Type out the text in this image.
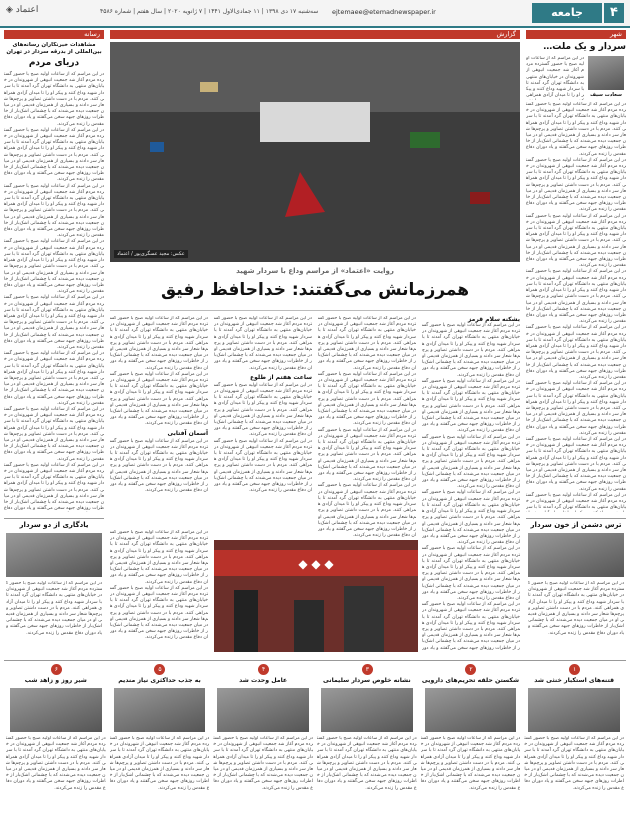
۴
جامعه
ejtemaee@etemadnewspaper.ir
سه‌شنبه ۱۷ دی ۱۳۹۸ | ۱۱ جمادی‌الاول ۱۴۴۱ | ۷ ژانویه ۲۰۲۰ | سال هفتم | شماره ۴۵۸۶
◈ اعتماد
رسانه	گزارش	شهر
مشاهدات خبرنگاران رسانه‌های بین‌المللی از بدرقه سردار در تهران
دریای مردم
در این مراسم که از ساعات اولیه صبح با حضور گسترده مردم آغاز شد جمعیت انبوهی از شهروندان در خیابان‌های منتهی به دانشگاه تهران گرد آمدند تا با سردار شهید وداع کنند و پیکر او را تا میدان آزادی همراهی کنند. مردم با در دست داشتن تصاویر و پرچم‌ها شعار سر دادند و بسیاری از همرزمان قدیمی او در میان جمعیت دیده می‌شدند که با چشمانی اشک‌بار از خاطرات روزهای جبهه سخن می‌گفتند و یاد دوران دفاع مقدس را زنده می‌کردند.
در این مراسم که از ساعات اولیه صبح با حضور گسترده مردم آغاز شد جمعیت انبوهی از شهروندان در خیابان‌های منتهی به دانشگاه تهران گرد آمدند تا با سردار شهید وداع کنند و پیکر او را تا میدان آزادی همراهی کنند. مردم با در دست داشتن تصاویر و پرچم‌ها شعار سر دادند و بسیاری از همرزمان قدیمی او در میان جمعیت دیده می‌شدند که با چشمانی اشک‌بار از خاطرات روزهای جبهه سخن می‌گفتند و یاد دوران دفاع مقدس را زنده می‌کردند.
در این مراسم که از ساعات اولیه صبح با حضور گسترده مردم آغاز شد جمعیت انبوهی از شهروندان در خیابان‌های منتهی به دانشگاه تهران گرد آمدند تا با سردار شهید وداع کنند و پیکر او را تا میدان آزادی همراهی کنند. مردم با در دست داشتن تصاویر و پرچم‌ها شعار سر دادند و بسیاری از همرزمان قدیمی او در میان جمعیت دیده می‌شدند که با چشمانی اشک‌بار از خاطرات روزهای جبهه سخن می‌گفتند و یاد دوران دفاع مقدس را زنده می‌کردند.
در این مراسم که از ساعات اولیه صبح با حضور گسترده مردم آغاز شد جمعیت انبوهی از شهروندان در خیابان‌های منتهی به دانشگاه تهران گرد آمدند تا با سردار شهید وداع کنند و پیکر او را تا میدان آزادی همراهی کنند. مردم با در دست داشتن تصاویر و پرچم‌ها شعار سر دادند و بسیاری از همرزمان قدیمی او در میان جمعیت دیده می‌شدند که با چشمانی اشک‌بار از خاطرات روزهای جبهه سخن می‌گفتند و یاد دوران دفاع مقدس را زنده می‌کردند.
در این مراسم که از ساعات اولیه صبح با حضور گسترده مردم آغاز شد جمعیت انبوهی از شهروندان در خیابان‌های منتهی به دانشگاه تهران گرد آمدند تا با سردار شهید وداع کنند و پیکر او را تا میدان آزادی همراهی کنند. مردم با در دست داشتن تصاویر و پرچم‌ها شعار سر دادند و بسیاری از همرزمان قدیمی او در میان جمعیت دیده می‌شدند که با چشمانی اشک‌بار از خاطرات روزهای جبهه سخن می‌گفتند و یاد دوران دفاع مقدس را زنده می‌کردند.
در این مراسم که از ساعات اولیه صبح با حضور گسترده مردم آغاز شد جمعیت انبوهی از شهروندان در خیابان‌های منتهی به دانشگاه تهران گرد آمدند تا با سردار شهید وداع کنند و پیکر او را تا میدان آزادی همراهی کنند. مردم با در دست داشتن تصاویر و پرچم‌ها شعار سر دادند و بسیاری از همرزمان قدیمی او در میان جمعیت دیده می‌شدند که با چشمانی اشک‌بار از خاطرات روزهای جبهه سخن می‌گفتند و یاد دوران دفاع مقدس را زنده می‌کردند.
در این مراسم که از ساعات اولیه صبح با حضور گسترده مردم آغاز شد جمعیت انبوهی از شهروندان در خیابان‌های منتهی به دانشگاه تهران گرد آمدند تا با سردار شهید وداع کنند و پیکر او را تا میدان آزادی همراهی کنند. مردم با در دست داشتن تصاویر و پرچم‌ها شعار سر دادند و بسیاری از همرزمان قدیمی او در میان جمعیت دیده می‌شدند که با چشمانی اشک‌بار از خاطرات روزهای جبهه سخن می‌گفتند و یاد دوران دفاع مقدس را زنده می‌کردند.
در این مراسم که از ساعات اولیه صبح با حضور گسترده مردم آغاز شد جمعیت انبوهی از شهروندان در خیابان‌های منتهی به دانشگاه تهران گرد آمدند تا با سردار شهید وداع کنند و پیکر او را تا میدان آزادی همراهی کنند. مردم با در دست داشتن تصاویر و پرچم‌ها شعار سر دادند و بسیاری از همرزمان قدیمی او در میان جمعیت دیده می‌شدند که با چشمانی اشک‌بار از خاطرات روزهای جبهه سخن می‌گفتند و یاد دوران دفاع
یادگاری از دو سردار
در این مراسم که از ساعات اولیه صبح با حضور گسترده مردم آغاز شد جمعیت انبوهی از شهروندان در خیابان‌های منتهی به دانشگاه تهران گرد آمدند تا با سردار شهید وداع کنند و پیکر او را تا میدان آزادی همراهی کنند. مردم با در دست داشتن تصاویر و پرچم‌ها شعار سر دادند و بسیاری از همرزمان قدیمی او در میان جمعیت دیده می‌شدند که با چشمانی اشک‌بار از خاطرات روزهای جبهه سخن می‌گفتند و یاد دوران دفاع مقدس را زنده می‌کردند.
سردار و یک ملت…
سعادت سیف
در این مراسم که از ساعات اولیه صبح با حضور گسترده مردم آغاز شد جمعیت انبوهی از شهروندان در خیابان‌های منتهی به دانشگاه تهران گرد آمدند تا با سردار شهید وداع کنند و پیکر او را تا میدان آزادی همراهی
در این مراسم که از ساعات اولیه صبح با حضور گسترده مردم آغاز شد جمعیت انبوهی از شهروندان در خیابان‌های منتهی به دانشگاه تهران گرد آمدند تا با سردار شهید وداع کنند و پیکر او را تا میدان آزادی همراهی کنند. مردم با در دست داشتن تصاویر و پرچم‌ها شعار سر دادند و بسیاری از همرزمان قدیمی او در میان جمعیت دیده می‌شدند که با چشمانی اشک‌بار از خاطرات روزهای جبهه سخن می‌گفتند و یاد دوران دفاع مقدس را زنده می‌کردند.
در این مراسم که از ساعات اولیه صبح با حضور گسترده مردم آغاز شد جمعیت انبوهی از شهروندان در خیابان‌های منتهی به دانشگاه تهران گرد آمدند تا با سردار شهید وداع کنند و پیکر او را تا میدان آزادی همراهی کنند. مردم با در دست داشتن تصاویر و پرچم‌ها شعار سر دادند و بسیاری از همرزمان قدیمی او در میان جمعیت دیده می‌شدند که با چشمانی اشک‌بار از خاطرات روزهای جبهه سخن می‌گفتند و یاد دوران دفاع مقدس را زنده می‌کردند.
در این مراسم که از ساعات اولیه صبح با حضور گسترده مردم آغاز شد جمعیت انبوهی از شهروندان در خیابان‌های منتهی به دانشگاه تهران گرد آمدند تا با سردار شهید وداع کنند و پیکر او را تا میدان آزادی همراهی کنند. مردم با در دست داشتن تصاویر و پرچم‌ها شعار سر دادند و بسیاری از همرزمان قدیمی او در میان جمعیت دیده می‌شدند که با چشمانی اشک‌بار از خاطرات روزهای جبهه سخن می‌گفتند و یاد دوران دفاع مقدس را زنده می‌کردند.
در این مراسم که از ساعات اولیه صبح با حضور گسترده مردم آغاز شد جمعیت انبوهی از شهروندان در خیابان‌های منتهی به دانشگاه تهران گرد آمدند تا با سردار شهید وداع کنند و پیکر او را تا میدان آزادی همراهی کنند. مردم با در دست داشتن تصاویر و پرچم‌ها شعار سر دادند و بسیاری از همرزمان قدیمی او در میان جمعیت دیده می‌شدند که با چشمانی اشک‌بار از خاطرات روزهای جبهه سخن می‌گفتند و یاد دوران دفاع مقدس را زنده می‌کردند.
در این مراسم که از ساعات اولیه صبح با حضور گسترده مردم آغاز شد جمعیت انبوهی از شهروندان در خیابان‌های منتهی به دانشگاه تهران گرد آمدند تا با سردار شهید وداع کنند و پیکر او را تا میدان آزادی همراهی کنند. مردم با در دست داشتن تصاویر و پرچم‌ها شعار سر دادند و بسیاری از همرزمان قدیمی او در میان جمعیت دیده می‌شدند که با چشمانی اشک‌بار از خاطرات روزهای جبهه سخن می‌گفتند و یاد دوران دفاع مقدس را زنده می‌کردند.
در این مراسم که از ساعات اولیه صبح با حضور گسترده مردم آغاز شد جمعیت انبوهی از شهروندان در خیابان‌های منتهی به دانشگاه تهران گرد آمدند تا با سردار شهید وداع کنند و پیکر او را تا میدان آزادی همراهی کنند. مردم با در دست داشتن تصاویر و پرچم‌ها شعار سر دادند و بسیاری از همرزمان قدیمی او در میان جمعیت دیده می‌شدند که با چشمانی اشک‌بار از خاطرات روزهای جبهه سخن می‌گفتند و یاد دوران دفاع مقدس را زنده می‌کردند.
در این مراسم که از ساعات اولیه صبح با حضور گسترده مردم آغاز شد جمعیت انبوهی از شهروندان در خیابان‌های منتهی به دانشگاه تهران گرد آمدند تا با سردار شهید وداع کنند و پیکر او را تا میدان آزادی همراهی کنند. مردم با در دست داشتن تصاویر و پرچم‌ها شعار سر دادند و بسیاری از همرزمان قدیمی او در میان جمعیت دیده می‌شدند که با چشمانی اشک‌بار از خاطرات روزهای جبهه سخن می‌گفتند و یاد دوران دفاع مقدس را زنده می‌کردند.
در این مراسم که از ساعات اولیه صبح با حضور گسترده مردم آغاز شد جمعیت انبوهی از شهروندان در خیابان‌های منتهی به دانشگاه تهران گرد آمدند تا با سر
ترس دشمن از خون سردار
در این مراسم که از ساعات اولیه صبح با حضور گسترده مردم آغاز شد جمعیت انبوهی از شهروندان در خیابان‌های منتهی به دانشگاه تهران گرد آمدند تا با سردار شهید وداع کنند و پیکر او را تا میدان آزادی همراهی کنند. مردم با در دست داشتن تصاویر و پرچم‌ها شعار سر دادند و بسیاری از همرزمان قدیمی او در میان جمعیت دیده می‌شدند که با چشمانی اشک‌بار از خاطرات روزهای جبهه سخن می‌گفتند و یاد دوران دفاع مقدس را زنده می‌کردند.
عکس: مجید عسگری‌پور / اعتماد
روایت «اعتماد» از مراسم وداع با سردار شهید
همرزمانش می‌گفتند: خداحافظ رفیق
بشکنه سلام قرمز
در این مراسم که از ساعات اولیه صبح با حضور گسترده مردم آغاز شد جمعیت انبوهی از شهروندان در خیابان‌های منتهی به دانشگاه تهران گرد آمدند تا با سردار شهید وداع کنند و پیکر او را تا میدان آزادی همراهی کنند. مردم با در دست داشتن تصاویر و پرچم‌ها شعار سر دادند و بسیاری از همرزمان قدیمی او در میان جمعیت دیده می‌شدند که با چشمانی اشک‌بار از خاطرات روزهای جبهه سخن می‌گفتند و یاد دوران دفاع مقدس را زنده می‌کردند.
در این مراسم که از ساعات اولیه صبح با حضور گسترده مردم آغاز شد جمعیت انبوهی از شهروندان در خیابان‌های منتهی به دانشگاه تهران گرد آمدند تا با سردار شهید وداع کنند و پیکر او را تا میدان آزادی همراهی کنند. مردم با در دست داشتن تصاویر و پرچم‌ها شعار سر دادند و بسیاری از همرزمان قدیمی او در میان جمعیت دیده می‌شدند که با چشمانی اشک‌بار از خاطرات روزهای جبهه سخن می‌گفتند و یاد دوران دفاع مقدس را زنده می‌کردند.
در این مراسم که از ساعات اولیه صبح با حضور گسترده مردم آغاز شد جمعیت انبوهی از شهروندان در خیابان‌های منتهی به دانشگاه تهران گرد آمدند تا با سردار شهید وداع کنند و پیکر او را تا میدان آزادی همراهی کنند. مردم با در دست داشتن تصاویر و پرچم‌ها شعار سر دادند و بسیاری از همرزمان قدیمی او در میان جمعیت دیده می‌شدند که با چشمانی اشک‌بار از خاطرات روزهای جبهه سخن می‌گفتند و یاد دوران دفاع مقدس را زنده می‌کردند.
در این مراسم که از ساعات اولیه صبح با حضور گسترده مردم آغاز شد جمعیت انبوهی از شهروندان در خیابان‌های منتهی به دانشگاه تهران گرد آمدند تا با سردار شهید وداع کنند و پیکر او را تا میدان آزادی همراهی کنند. مردم با در دست داشتن تصاویر و پرچم‌ها شعار سر دادند و بسیاری از همرزمان قدیمی او در میان جمعیت دیده می‌شدند که با چشمانی اشک‌بار از خاطرات روزهای جبهه سخن می‌گفتند و یاد دوران دفاع مقدس را زنده می‌کردند.
در این مراسم که از ساعات اولیه صبح با حضور گسترده مردم آغاز شد جمعیت انبوهی از شهروندان در خیابان‌های منتهی به دانشگاه تهران گرد آمدند تا با سردار شهید وداع کنند و پیکر او را تا میدان آزادی همراهی کنند. مردم با در دست داشتن تصاویر و پرچم‌ها شعار سر دادند و بسیاری از همرزمان قدیمی او در میان جمعیت دیده می‌شدند که با چشمانی اشک‌بار از خاطرات روزهای جبهه سخن می‌گفتند و یاد دوران دفاع مقدس را زنده می‌کردند.
در این مراسم که از ساعات اولیه صبح با حضور گسترده مردم آغاز شد جمعیت انبوهی از شهروندان در خیابان‌های منتهی به دانشگاه تهران گرد آمدند تا با سردار شهید وداع کنند و پیکر او را تا میدان آزادی همراهی کنند. مردم با در دست داشتن تصاویر و پرچم‌ها شعار سر دادند و بسیاری از همرزمان قدیمی او در میان جمعیت دیده می‌شدند که با چشمانی اشک‌بار از خاطرات روزهای جبهه سخن می‌گفتند و یاد دور
در این مراسم که از ساعات اولیه صبح با حضور گسترده مردم آغاز شد جمعیت انبوهی از شهروندان در خیابان‌های منتهی به دانشگاه تهران گرد آمدند تا با سردار شهید وداع کنند و پیکر او را تا میدان آزادی همراهی کنند. مردم با در دست داشتن تصاویر و پرچم‌ها شعار سر دادند و بسیاری از همرزمان قدیمی او در میان جمعیت دیده می‌شدند که با چشمانی اشک‌بار از خاطرات روزهای جبهه سخن می‌گفتند و یاد دوران دفاع مقدس را زنده می‌کردند.
در این مراسم که از ساعات اولیه صبح با حضور گسترده مردم آغاز شد جمعیت انبوهی از شهروندان در خیابان‌های منتهی به دانشگاه تهران گرد آمدند تا با سردار شهید وداع کنند و پیکر او را تا میدان آزادی همراهی کنند. مردم با در دست داشتن تصاویر و پرچم‌ها شعار سر دادند و بسیاری از همرزمان قدیمی او در میان جمعیت دیده می‌شدند که با چشمانی اشک‌بار از خاطرات روزهای جبهه سخن می‌گفتند و یاد دوران دفاع مقدس را زنده می‌کردند.
در این مراسم که از ساعات اولیه صبح با حضور گسترده مردم آغاز شد جمعیت انبوهی از شهروندان در خیابان‌های منتهی به دانشگاه تهران گرد آمدند تا با سردار شهید وداع کنند و پیکر او را تا میدان آزادی همراهی کنند. مردم با در دست داشتن تصاویر و پرچم‌ها شعار سر دادند و بسیاری از همرزمان قدیمی او در میان جمعیت دیده می‌شدند که با چشمانی اشک‌بار از خاطرات روزهای جبهه سخن می‌گفتند و یاد دوران دفاع مقدس را زنده می‌کردند.
در این مراسم که از ساعات اولیه صبح با حضور گسترده مردم آغاز شد جمعیت انبوهی از شهروندان در خیابان‌های منتهی به دانشگاه تهران گرد آمدند تا با سردار شهید وداع کنند و پیکر او را تا میدان آزادی همراهی کنند. مردم با در دست داشتن تصاویر و پرچم‌ها شعار سر دادند و بسیاری از همرزمان قدیمی او در میان جمعیت دیده می‌شدند که با چشمانی اشک‌بار از خاطرات روزهای جبهه سخن می‌گفتند و یاد دوران دفاع مقدس را زنده می‌کردند.
در این مراسم که از ساعات اولیه صبح با حضور گسترده مردم آغاز شد جمعیت انبوهی از شهروندان در خیابان‌های منتهی به دانشگاه تهران گرد آمدند تا با سردار شهید وداع کنند و پیکر او را تا میدان آزادی همراهی کنند. مردم با در دست داشتن تصاویر و پرچم‌ها شعار سر دادند و بسیاری از همرزمان قدیمی او در میان جمعیت دیده می‌شدند که با چشمانی اشک‌بار از خاطرات روزهای جبهه سخن می‌گفتند و یاد دوران دفاع مقدس را زنده می‌کردند.
ساعت هفتم از طلوع
در این مراسم که از ساعات اولیه صبح با حضور گسترده مردم آغاز شد جمعیت انبوهی از شهروندان در خیابان‌های منتهی به دانشگاه تهران گرد آمدند تا با سردار شهید وداع کنند و پیکر او را تا میدان آزادی همراهی کنند. مردم با در دست داشتن تصاویر و پرچم‌ها شعار سر دادند و بسیاری از همرزمان قدیمی او در میان جمعیت دیده می‌شدند که با چشمانی اشک‌بار از خاطرات روزهای جبهه سخن می‌گفتند و یاد دوران دفاع مقدس را زنده می‌کردند.
در این مراسم که از ساعات اولیه صبح با حضور گسترده مردم آغاز شد جمعیت انبوهی از شهروندان در خیابان‌های منتهی به دانشگاه تهران گرد آمدند تا با سردار شهید وداع کنند و پیکر او را تا میدان آزادی همراهی کنند. مردم با در دست داشتن تصاویر و پرچم‌ها شعار سر دادند و بسیاری از همرزمان قدیمی او در میان جمعیت دیده می‌شدند که با چشمانی اشک‌بار از خاطرات روزهای جبهه سخن می‌گفتند و یاد دوران دفاع مقدس را زنده می‌کردند.
در این مراسم که از ساعات اولیه صبح با حضور گسترده مردم آغاز شد جمعیت انبوهی از شهروندان در خیابان‌های منتهی به دانشگاه تهران گرد آمدند تا با سردار شهید وداع کنند و پیکر او را تا میدان آزادی همراهی کنند. مردم با در دست داشتن تصاویر و پرچم‌ها شعار سر دادند و بسیاری از همرزمان قدیمی او در میان جمعیت دیده می‌شدند که با چشمانی اشک‌بار از خاطرات روزهای جبهه سخن می‌گفتند و یاد دوران دفاع مقدس را زنده می‌کردند.
در این مراسم که از ساعات اولیه صبح با حضور گسترده مردم آغاز شد جمعیت انبوهی از شهروندان در خیابان‌های منتهی به دانشگاه تهران گرد آمدند تا با سردار شهید وداع کنند و پیکر او را تا میدان آزادی همراهی کنند. مردم با در دست داشتن تصاویر و پرچم‌ها شعار سر دادند و بسیاری از همرزمان قدیمی او در میان جمعیت دیده می‌شدند که با چشمانی اشک‌بار از خاطرات روزهای جبهه سخن می‌گفتند و یاد دوران دفاع مقدس را زنده می‌کردند.
آسمان آفتابی
در این مراسم که از ساعات اولیه صبح با حضور گسترده مردم آغاز شد جمعیت انبوهی از شهروندان در خیابان‌های منتهی به دانشگاه تهران گرد آمدند تا با سردار شهید وداع کنند و پیکر او را تا میدان آزادی همراهی کنند. مردم با در دست داشتن تصاویر و پرچم‌ها شعار سر دادند و بسیاری از همرزمان قدیمی او در میان جمعیت دیده می‌شدند که با چشمانی اشک‌بار از خاطرات روزهای جبهه سخن می‌گفتند و یاد دوران دفاع مقدس را زنده می‌کردند.
◆ ◆ ◆
در این مراسم که از ساعات اولیه صبح با حضور گسترده مردم آغاز شد جمعیت انبوهی از شهروندان در خیابان‌های منتهی به دانشگاه تهران گرد آمدند تا با سردار شهید وداع کنند و پیکر او را تا میدان آزادی همراهی کنند. مردم با در دست داشتن تصاویر و پرچم‌ها شعار سر دادند و بسیاری از همرزمان قدیمی او در میان جمعیت دیده می‌شدند که با چشمانی اشک‌بار از خاطرات روزهای جبهه سخن می‌گفتند و یاد دوران دفاع مقدس را زنده می‌کردند.
در این مراسم که از ساعات اولیه صبح با حضور گسترده مردم آغاز شد جمعیت انبوهی از شهروندان در خیابان‌های منتهی به دانشگاه تهران گرد آمدند تا با سردار شهید وداع کنند و پیکر او را تا میدان آزادی همراهی کنند. مردم با در دست داشتن تصاویر و پرچم‌ها شعار سر دادند و بسیاری از همرزمان قدیمی او در میان جمعیت دیده می‌شدند که با چشمانی اشک‌بار از خاطرات روزهای جبهه سخن می‌گفتند و یاد دوران دفاع مقدس را زنده می‌کردند.
۱
قتنه‌های استکبار خنثی شد
در این مراسم که از ساعات اولیه صبح با حضور گسترده مردم آغاز شد جمعیت انبوهی از شهروندان در خیابان‌های منتهی به دانشگاه تهران گرد آمدند تا با سردار شهید وداع کنند و پیکر او را تا میدان آزادی همراهی کنند. مردم با در دست داشتن تصاویر و پرچم‌ها شعار سر دادند و بسیاری از همرزمان قدیمی او در میان جمعیت دیده می‌شدند که با چشمانی اشک‌بار از خاطرات روزهای جبهه سخن می‌گفتند و یاد دوران دفاع مقدس را زنده می‌کردند.
۲
شکستن حلقه تحریم‌های دارویی
در این مراسم که از ساعات اولیه صبح با حضور گسترده مردم آغاز شد جمعیت انبوهی از شهروندان در خیابان‌های منتهی به دانشگاه تهران گرد آمدند تا با سردار شهید وداع کنند و پیکر او را تا میدان آزادی همراهی کنند. مردم با در دست داشتن تصاویر و پرچم‌ها شعار سر دادند و بسیاری از همرزمان قدیمی او در میان جمعیت دیده می‌شدند که با چشمانی اشک‌بار از خاطرات روزهای جبهه سخن می‌گفتند و یاد دوران دفاع مقدس را زنده می‌کردند.
۳
نشانه خلوص سردار سلیمانی
در این مراسم که از ساعات اولیه صبح با حضور گسترده مردم آغاز شد جمعیت انبوهی از شهروندان در خیابان‌های منتهی به دانشگاه تهران گرد آمدند تا با سردار شهید وداع کنند و پیکر او را تا میدان آزادی همراهی کنند. مردم با در دست داشتن تصاویر و پرچم‌ها شعار سر دادند و بسیاری از همرزمان قدیمی او در میان جمعیت دیده می‌شدند که با چشمانی اشک‌بار از خاطرات روزهای جبهه سخن می‌گفتند و یاد دوران دفاع مقدس را زنده می‌کردند.
۴
عامل وحدت شد
در این مراسم که از ساعات اولیه صبح با حضور گسترده مردم آغاز شد جمعیت انبوهی از شهروندان در خیابان‌های منتهی به دانشگاه تهران گرد آمدند تا با سردار شهید وداع کنند و پیکر او را تا میدان آزادی همراهی کنند. مردم با در دست داشتن تصاویر و پرچم‌ها شعار سر دادند و بسیاری از همرزمان قدیمی او در میان جمعیت دیده می‌شدند که با چشمانی اشک‌بار از خاطرات روزهای جبهه سخن می‌گفتند و یاد دوران دفاع مقدس را زنده می‌کردند.
۵
به جذب حداکثری نیاز مندیم
در این مراسم که از ساعات اولیه صبح با حضور گسترده مردم آغاز شد جمعیت انبوهی از شهروندان در خیابان‌های منتهی به دانشگاه تهران گرد آمدند تا با سردار شهید وداع کنند و پیکر او را تا میدان آزادی همراهی کنند. مردم با در دست داشتن تصاویر و پرچم‌ها شعار سر دادند و بسیاری از همرزمان قدیمی او در میان جمعیت دیده می‌شدند که با چشمانی اشک‌بار از خاطرات روزهای جبهه سخن می‌گفتند و یاد دوران دفاع مقدس را زنده می‌کردند.
۶
شیر روز و زاهد شب
در این مراسم که از ساعات اولیه صبح با حضور گسترده مردم آغاز شد جمعیت انبوهی از شهروندان در خیابان‌های منتهی به دانشگاه تهران گرد آمدند تا با سردار شهید وداع کنند و پیکر او را تا میدان آزادی همراهی کنند. مردم با در دست داشتن تصاویر و پرچم‌ها شعار سر دادند و بسیاری از همرزمان قدیمی او در میان جمعیت دیده می‌شدند که با چشمانی اشک‌بار از خاطرات روزهای جبهه سخن می‌گفتند و یاد دوران دفاع مقدس را زنده می‌کردند.
